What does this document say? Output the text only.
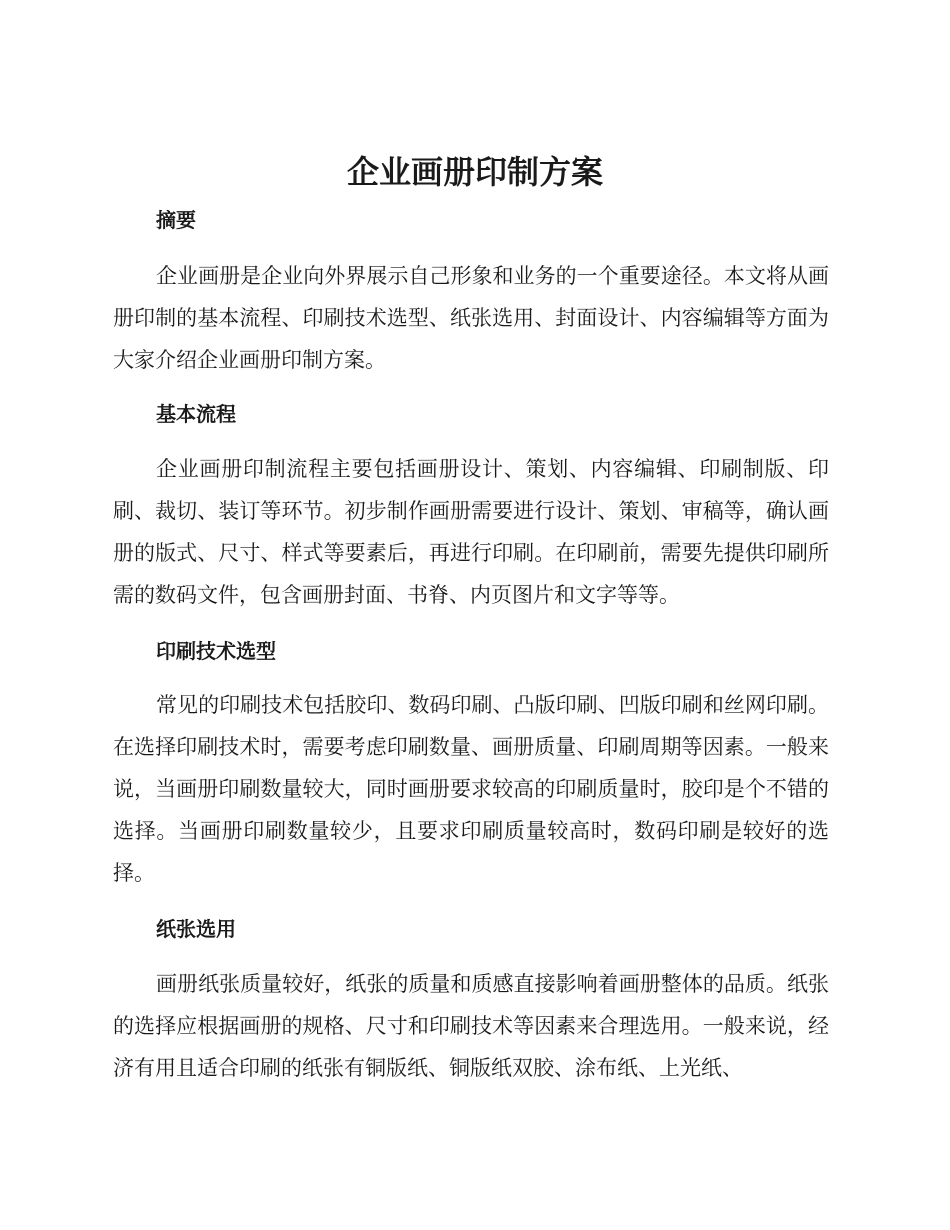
企业画册印制方案
摘要

企业画册是企业向外界展示自己形象和业务的一个重要途径。本文将从画册印制的基本流程、印刷技术选型、纸张选用、封面设计、内容编辑等方面为大家介绍企业画册印制方案。

基本流程

企业画册印制流程主要包括画册设计、策划、内容编辑、印刷制版、印刷、裁切、装订等环节。初步制作画册需要进行设计、策划、审稿等，确认画册的版式、尺寸、样式等要素后，再进行印刷。在印刷前，需要先提供印刷所需的数码文件，包含画册封面、书脊、内页图片和文字等等。

印刷技术选型

常见的印刷技术包括胶印、数码印刷、凸版印刷、凹版印刷和丝网印刷。在选择印刷技术时，需要考虑印刷数量、画册质量、印刷周期等因素。一般来说，当画册印刷数量较大，同时画册要求较高的印刷质量时，胶印是个不错的选择。当画册印刷数量较少，且要求印刷质量较高时，数码印刷是较好的选择。

纸张选用

画册纸张质量较好，纸张的质量和质感直接影响着画册整体的品质。纸张的选择应根据画册的规格、尺寸和印刷技术等因素来合理选用。一般来说，经济有用且适合印刷的纸张有铜版纸、铜版纸双胶、涂布纸、上光纸、
